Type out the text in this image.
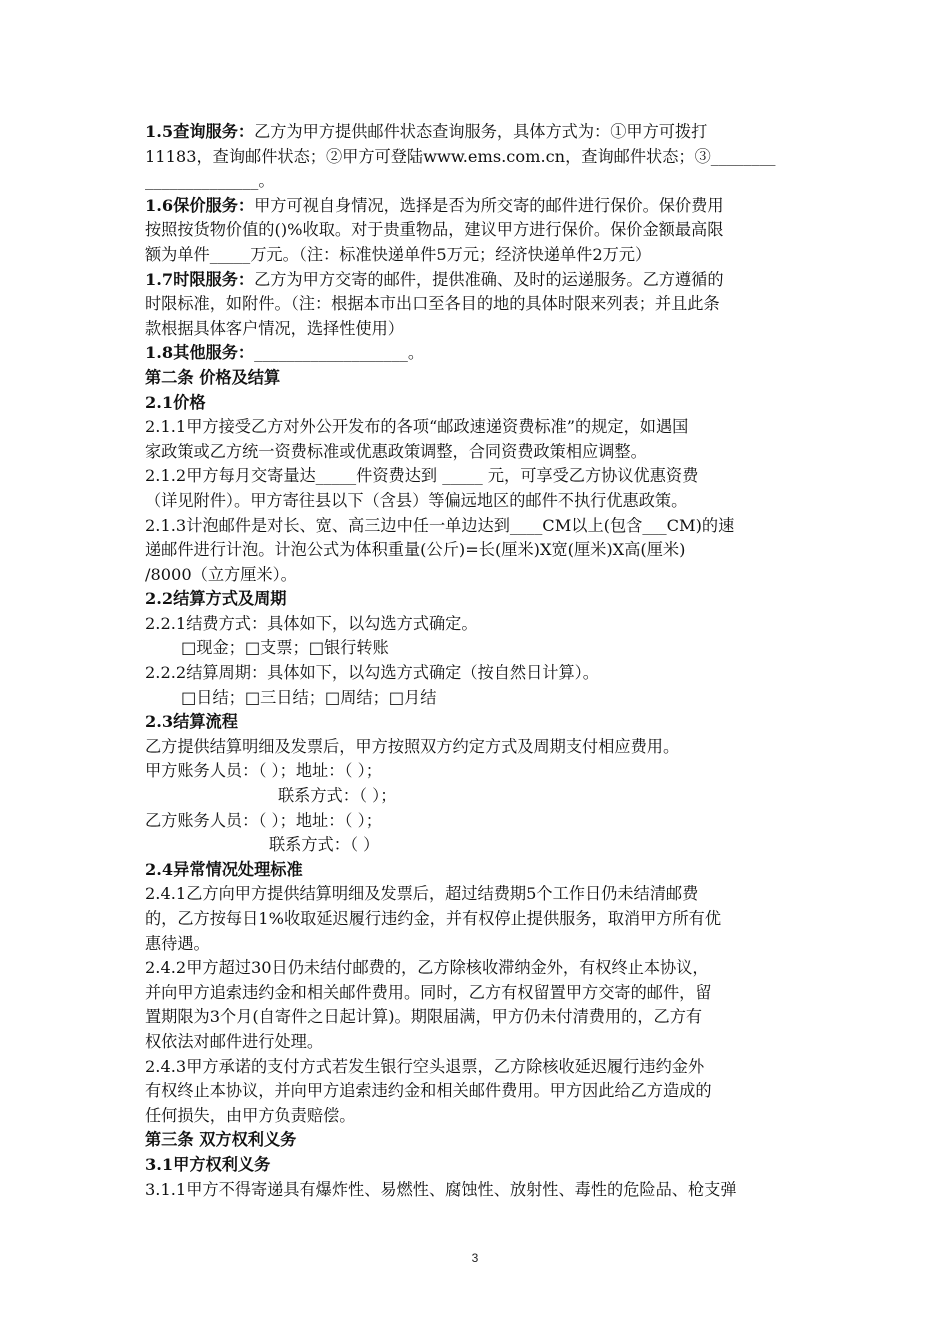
1.5查询服务：乙方为甲方提供邮件状态查询服务，具体方式为：①甲方可拨打
11183，查询邮件状态；②甲方可登陆www.ems.com.cn，查询邮件状态；③________
______________。
1.6保价服务：甲方可视自身情况，选择是否为所交寄的邮件进行保价。保价费用
按照按货物价值的()%收取。对于贵重物品，建议甲方进行保价。保价金额最高限
额为单件_____万元。（注：标准快递单件5万元；经济快递单件2万元）
1.7时限服务：乙方为甲方交寄的邮件，提供准确、及时的运递服务。乙方遵循的
时限标准，如附件。（注：根据本市出口至各目的地的具体时限来列表；并且此条
款根据具体客户情况，选择性使用）
1.8其他服务：___________________。
第二条 价格及结算
2.1价格
2.1.1甲方接受乙方对外公开发布的各项“邮政速递资费标准”的规定，如遇国
家政策或乙方统一资费标准或优惠政策调整，合同资费政策相应调整。
2.1.2甲方每月交寄量达_____件资费达到 _____ 元，可享受乙方协议优惠资费
（详见附件）。甲方寄往县以下（含县）等偏远地区的邮件不执行优惠政策。
2.1.3计泡邮件是对长、宽、高三边中任一单边达到____CM以上(包含___CM)的速
递邮件进行计泡。计泡公式为体积重量(公斤)=长(厘米)X宽(厘米)X高(厘米)
/8000（立方厘米）。
2.2结算方式及周期
2.2.1结费方式：具体如下，以勾选方式确定。
□现金；□支票；□银行转账
2.2.2结算周期：具体如下，以勾选方式确定（按自然日计算）。
□日结；□三日结；□周结；□月结
2.3结算流程
乙方提供结算明细及发票后，甲方按照双方约定方式及周期支付相应费用。
甲方账务人员：（ ）；地址：（ ）；
联系方式：（ ）；
乙方账务人员：（ ）；地址：（ ）；
联系方式：（ ）
2.4异常情况处理标准
2.4.1乙方向甲方提供结算明细及发票后，超过结费期5个工作日仍未结清邮费
的，乙方按每日1%收取延迟履行违约金，并有权停止提供服务，取消甲方所有优
惠待遇。
2.4.2甲方超过30日仍未结付邮费的，乙方除核收滞纳金外，有权终止本协议，
并向甲方追索违约金和相关邮件费用。同时，乙方有权留置甲方交寄的邮件，留
置期限为3个月(自寄件之日起计算)。期限届满，甲方仍未付清费用的，乙方有
权依法对邮件进行处理。
2.4.3甲方承诺的支付方式若发生银行空头退票，乙方除核收延迟履行违约金外
有权终止本协议，并向甲方追索违约金和相关邮件费用。甲方因此给乙方造成的
任何损失，由甲方负责赔偿。
第三条 双方权利义务
3.1甲方权利义务
3.1.1甲方不得寄递具有爆炸性、易燃性、腐蚀性、放射性、毒性的危险品、枪支弹
3
